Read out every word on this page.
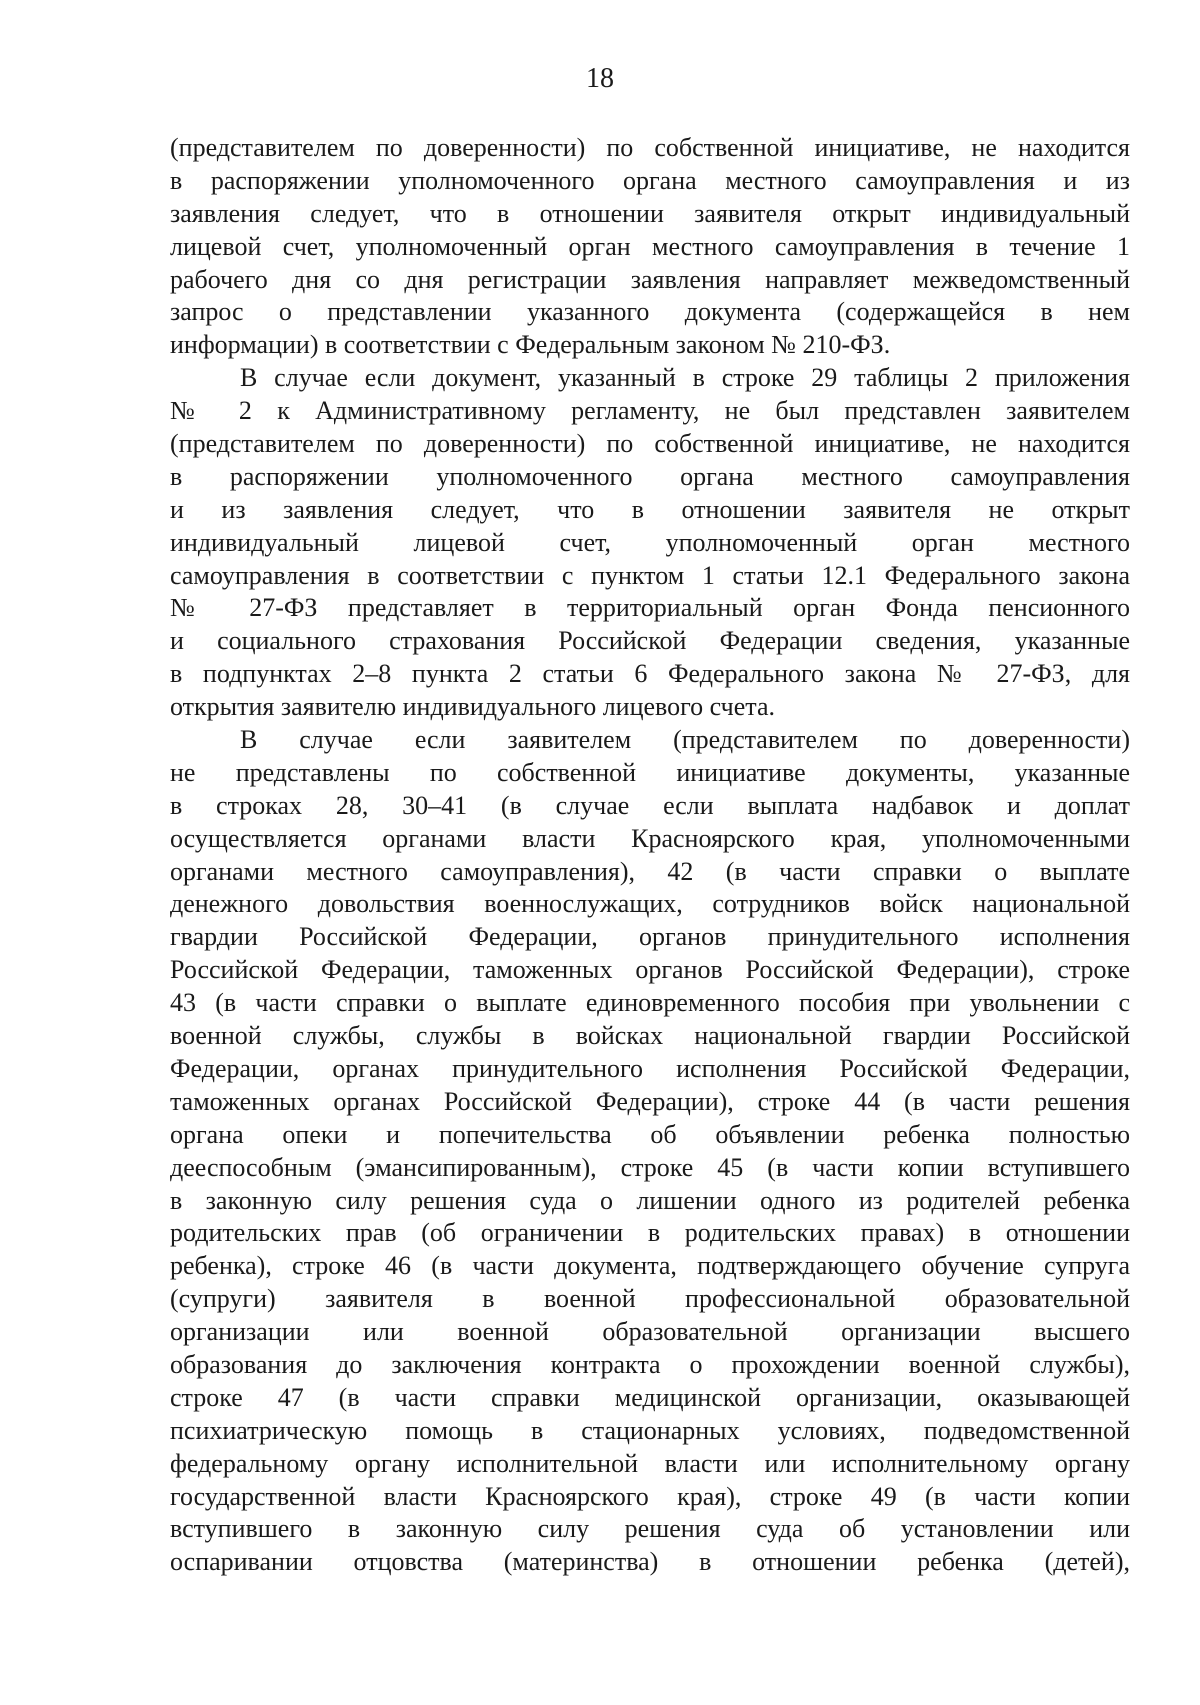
18
(представителем по доверенности) по собственной инициативе, не находится
в распоряжении уполномоченного органа местного самоуправления и из
заявления следует, что в отношении заявителя открыт индивидуальный
лицевой счет, уполномоченный орган местного самоуправления в течение 1
рабочего дня со дня регистрации заявления направляет межведомственный
запрос о представлении указанного документа (содержащейся в нем
информации) в соответствии с Федеральным законом № 210-ФЗ.
В случае если документ, указанный в строке 29 таблицы 2 приложения
№ 2 к Административному регламенту, не был представлен заявителем
(представителем по доверенности) по собственной инициативе, не находится
в распоряжении уполномоченного органа местного самоуправления
и из заявления следует, что в отношении заявителя не открыт
индивидуальный лицевой счет, уполномоченный орган местного
самоуправления в соответствии с пунктом 1 статьи 12.1 Федерального закона
№ 27-ФЗ представляет в территориальный орган Фонда пенсионного
и социального страхования Российской Федерации сведения, указанные
в подпунктах 2–8 пункта 2 статьи 6 Федерального закона № 27-ФЗ, для
открытия заявителю индивидуального лицевого счета.
В случае если заявителем (представителем по доверенности)
не представлены по собственной инициативе документы, указанные
в строках 28, 30–41 (в случае если выплата надбавок и доплат
осуществляется органами власти Красноярского края, уполномоченными
органами местного самоуправления), 42 (в части справки о выплате
денежного довольствия военнослужащих, сотрудников войск национальной
гвардии Российской Федерации, органов принудительного исполнения
Российской Федерации, таможенных органов Российской Федерации), строке
43 (в части справки о выплате единовременного пособия при увольнении с
военной службы, службы в войсках национальной гвардии Российской
Федерации, органах принудительного исполнения Российской Федерации,
таможенных органах Российской Федерации), строке 44 (в части решения
органа опеки и попечительства об объявлении ребенка полностью
дееспособным (эмансипированным), строке 45 (в части копии вступившего
в законную силу решения суда о лишении одного из родителей ребенка
родительских прав (об ограничении в родительских правах) в отношении
ребенка), строке 46 (в части документа, подтверждающего обучение супруга
(супруги) заявителя в военной профессиональной образовательной
организации или военной образовательной организации высшего
образования до заключения контракта о прохождении военной службы),
строке 47 (в части справки медицинской организации, оказывающей
психиатрическую помощь в стационарных условиях, подведомственной
федеральному органу исполнительной власти или исполнительному органу
государственной власти Красноярского края), строке 49 (в части копии
вступившего в законную силу решения суда об установлении или
оспаривании отцовства (материнства) в отношении ребенка (детей),
